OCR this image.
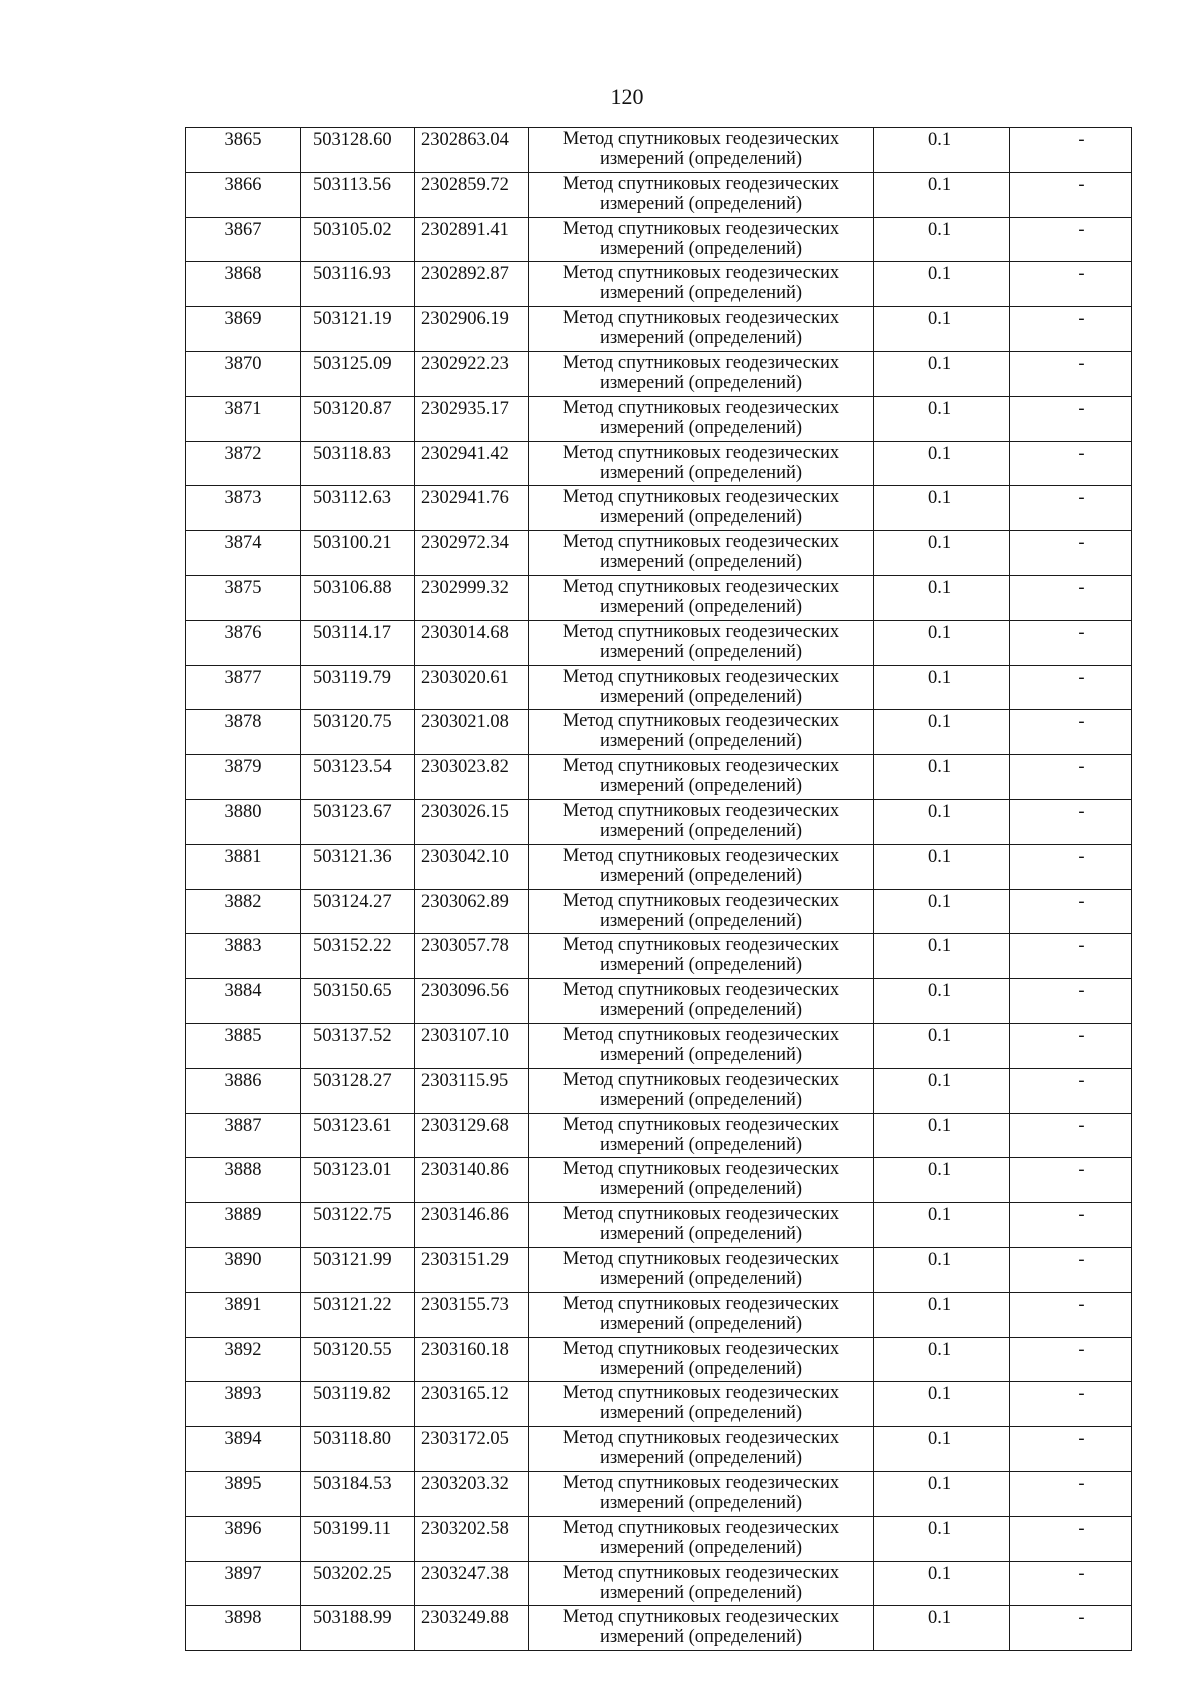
120
3865	503128.60	2302863.04	Метод спутниковых геодезических
измерений (определений)	0.1	-
3866	503113.56	2302859.72	Метод спутниковых геодезических
измерений (определений)	0.1	-
3867	503105.02	2302891.41	Метод спутниковых геодезических
измерений (определений)	0.1	-
3868	503116.93	2302892.87	Метод спутниковых геодезических
измерений (определений)	0.1	-
3869	503121.19	2302906.19	Метод спутниковых геодезических
измерений (определений)	0.1	-
3870	503125.09	2302922.23	Метод спутниковых геодезических
измерений (определений)	0.1	-
3871	503120.87	2302935.17	Метод спутниковых геодезических
измерений (определений)	0.1	-
3872	503118.83	2302941.42	Метод спутниковых геодезических
измерений (определений)	0.1	-
3873	503112.63	2302941.76	Метод спутниковых геодезических
измерений (определений)	0.1	-
3874	503100.21	2302972.34	Метод спутниковых геодезических
измерений (определений)	0.1	-
3875	503106.88	2302999.32	Метод спутниковых геодезических
измерений (определений)	0.1	-
3876	503114.17	2303014.68	Метод спутниковых геодезических
измерений (определений)	0.1	-
3877	503119.79	2303020.61	Метод спутниковых геодезических
измерений (определений)	0.1	-
3878	503120.75	2303021.08	Метод спутниковых геодезических
измерений (определений)	0.1	-
3879	503123.54	2303023.82	Метод спутниковых геодезических
измерений (определений)	0.1	-
3880	503123.67	2303026.15	Метод спутниковых геодезических
измерений (определений)	0.1	-
3881	503121.36	2303042.10	Метод спутниковых геодезических
измерений (определений)	0.1	-
3882	503124.27	2303062.89	Метод спутниковых геодезических
измерений (определений)	0.1	-
3883	503152.22	2303057.78	Метод спутниковых геодезических
измерений (определений)	0.1	-
3884	503150.65	2303096.56	Метод спутниковых геодезических
измерений (определений)	0.1	-
3885	503137.52	2303107.10	Метод спутниковых геодезических
измерений (определений)	0.1	-
3886	503128.27	2303115.95	Метод спутниковых геодезических
измерений (определений)	0.1	-
3887	503123.61	2303129.68	Метод спутниковых геодезических
измерений (определений)	0.1	-
3888	503123.01	2303140.86	Метод спутниковых геодезических
измерений (определений)	0.1	-
3889	503122.75	2303146.86	Метод спутниковых геодезических
измерений (определений)	0.1	-
3890	503121.99	2303151.29	Метод спутниковых геодезических
измерений (определений)	0.1	-
3891	503121.22	2303155.73	Метод спутниковых геодезических
измерений (определений)	0.1	-
3892	503120.55	2303160.18	Метод спутниковых геодезических
измерений (определений)	0.1	-
3893	503119.82	2303165.12	Метод спутниковых геодезических
измерений (определений)	0.1	-
3894	503118.80	2303172.05	Метод спутниковых геодезических
измерений (определений)	0.1	-
3895	503184.53	2303203.32	Метод спутниковых геодезических
измерений (определений)	0.1	-
3896	503199.11	2303202.58	Метод спутниковых геодезических
измерений (определений)	0.1	-
3897	503202.25	2303247.38	Метод спутниковых геодезических
измерений (определений)	0.1	-
3898	503188.99	2303249.88	Метод спутниковых геодезических
измерений (определений)	0.1	-
